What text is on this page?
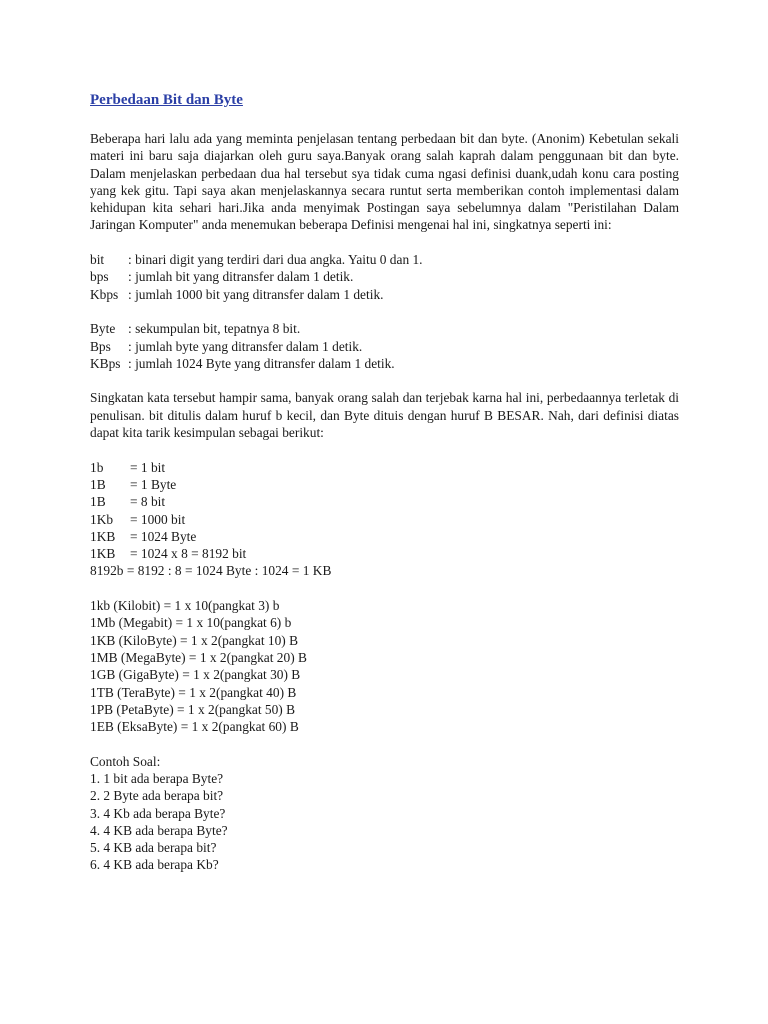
Perbedaan Bit dan Byte

Beberapa hari lalu ada yang meminta penjelasan tentang perbedaan bit dan byte. (Anonim) Kebetulan sekali materi ini baru saja diajarkan oleh guru saya.Banyak orang salah kaprah dalam penggunaan bit dan byte. Dalam menjelaskan perbedaan dua hal tersebut sya tidak cuma ngasi definisi duank,udah konu cara posting yang kek gitu. Tapi saya akan menjelaskannya secara runtut serta memberikan contoh implementasi dalam kehidupan kita sehari hari.Jika anda menyimak Postingan saya sebelumnya dalam "Peristilahan Dalam Jaringan Komputer" anda menemukan beberapa Definisi mengenai hal ini, singkatnya seperti ini:

bit	: binari digit yang terdiri dari dua angka. Yaitu 0 dan 1.
bps	: jumlah bit yang ditransfer dalam 1 detik.
Kbps : jumlah 1000 bit yang ditransfer dalam 1 detik.
Byte : sekumpulan bit, tepatnya 8 bit.
Bps	: jumlah byte yang ditransfer dalam 1 detik.
KBps : jumlah 1024 Byte yang ditransfer dalam 1 detik.

Singkatan kata tersebut hampir sama, banyak orang salah dan terjebak karna hal ini, perbedaannya terletak di penulisan. bit ditulis dalam huruf b kecil, dan Byte dituis dengan huruf B BESAR. Nah, dari definisi diatas dapat kita tarik kesimpulan sebagai berikut:

1b	= 1 bit
1B	= 1 Byte
1B	= 8 bit
1Kb	= 1000 bit
1KB	= 1024 Byte
1KB	= 1024 x 8 = 8192 bit
8192b = 8192 : 8 = 1024 Byte : 1024 = 1 KB
1kb (Kilobit) = 1 x 10(pangkat 3) b
1Mb (Megabit) = 1 x 10(pangkat 6) b
1KB (KiloByte) = 1 x 2(pangkat 10) B
1MB (MegaByte) = 1 x 2(pangkat 20) B
1GB (GigaByte) = 1 x 2(pangkat 30) B
1TB (TeraByte) = 1 x 2(pangkat 40) B
1PB (PetaByte) = 1 x 2(pangkat 50) B
1EB (EksaByte) = 1 x 2(pangkat 60) B
Contoh Soal:
1. 1 bit ada berapa Byte?
2. 2 Byte ada berapa bit?
3. 4 Kb ada berapa Byte?
4. 4 KB ada berapa Byte?
5. 4 KB ada berapa bit?
6. 4 KB ada berapa Kb?
